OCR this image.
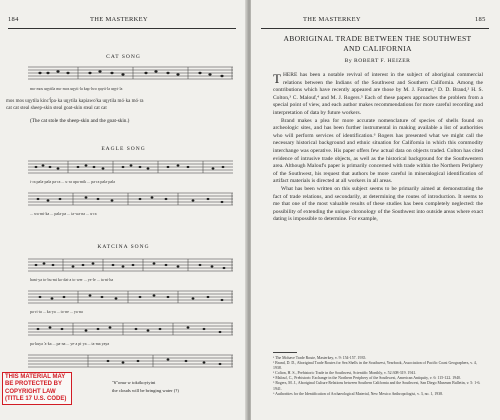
184	THE MASTERKEY
CAT SONG
mo·mos uŋytila mo·mos uŋyti·la kap·lwo ŋayti·la uŋyt·la
mos mos uŋytila kinc'ĺpa·ka uŋytila kapiawo'ka uŋytila mó·ka mó·ra
cat cat steal sheep-skin steal goat-skin steal cat cat
(The cat stole the sheep-skin and the goat-skin.)
EAGLE SONG
i·ra pala·pala pa·ra ... u·ra upa·mik ... pa·ra pala·pala
... wa·mi·ka ... pala·pa ... ia·wa·na ... u·ra
KATCINA SONG
hani·ya to·bu·mi ko·dat·a to·wer ... ye·le ... ta·ni·ha
pa·ri·ta ... ka·ya ... to·ne ... ya·na
pa·kuya 'a·ka ... pa·na ... ye·a pi·ya ... ta·ma yaya
"6"oma·w tokókoyiyini
the clouds will be bringing water (?)
THIS MATERIAL MAY BE PROTECTED BY COPYRIGHT LAW (TITLE 17 U.S. CODE)
THE MASTERKEY	185
ABORIGINAL TRADE BETWEEN THE SOUTHWEST AND CALIFORNIA
By ROBERT F. HEIZER

THERE has been a notable revival of interest in the subject of aboriginal commercial relations between the Indians of the Southwest and Southern California. Among the contributions which have recently appeared are those by M. J. Farmer,¹ D. D. Brand,² H. S. Colton,³ C. Malouf,⁴ and M. J. Rogers.⁵ Each of these papers approaches the problem from a special point of view, and each author makes recommendations for more careful recording and interpretation of data by future workers.

Brand makes a plea for more accurate nomenclature of species of shells found on archeologic sites, and has been further instrumental in making available a list of authorities who will perform services of identification.⁶ Rogers has presented what we might call the necessary historical background and ethnic situation for California in which this commodity interchange was operative. His paper offers few actual data on objects traded. Colton has cited evidence of intrusive trade objects, as well as the historical background for the Southwestern area. Although Malouf's paper is primarily concerned with trade within the Northern Periphery of the Southwest, his request that authors be more careful in mineralogical identification of artifact materials is directed at all workers in all areas.

What has been written on this subject seems to be primarily aimed at demonstrating the fact of trade relations, and secondarily, at determining the routes of introduction. It seems to me that one of the most valuable results of these studies has been completely neglected: the possibility of extending the unique chronology of the Southwest into outside areas where exact dating is impossible to determine. For example,

¹ The Mohave Trade Route, Masterkey, v. 9: 154-157. 1935.
² Brand, D. D., Aboriginal Trade Routes for Sea Shells in the Southwest, Yearbook, Association of Pacific Coast Geographers, v. 4, 1938.
³ Colton, H. S., Prehistoric Trade in the Southwest, Scientific Monthly, v. 52:308-319. 1941.
⁴ Malouf, C., Prehistoric Exchange in the Northern Periphery of the Southwest, American Antiquity, v. 6: 115-122. 1940.
⁵ Rogers, M. J., Aboriginal Culture Relations between Southern California and the Southwest, San Diego Museum Bulletin, v. 5: 1-6. 1941.
⁶ Authorities for the Identification of Archaeological Material, New Mexico Anthropologist, v. 3, no. 1, 1938.
